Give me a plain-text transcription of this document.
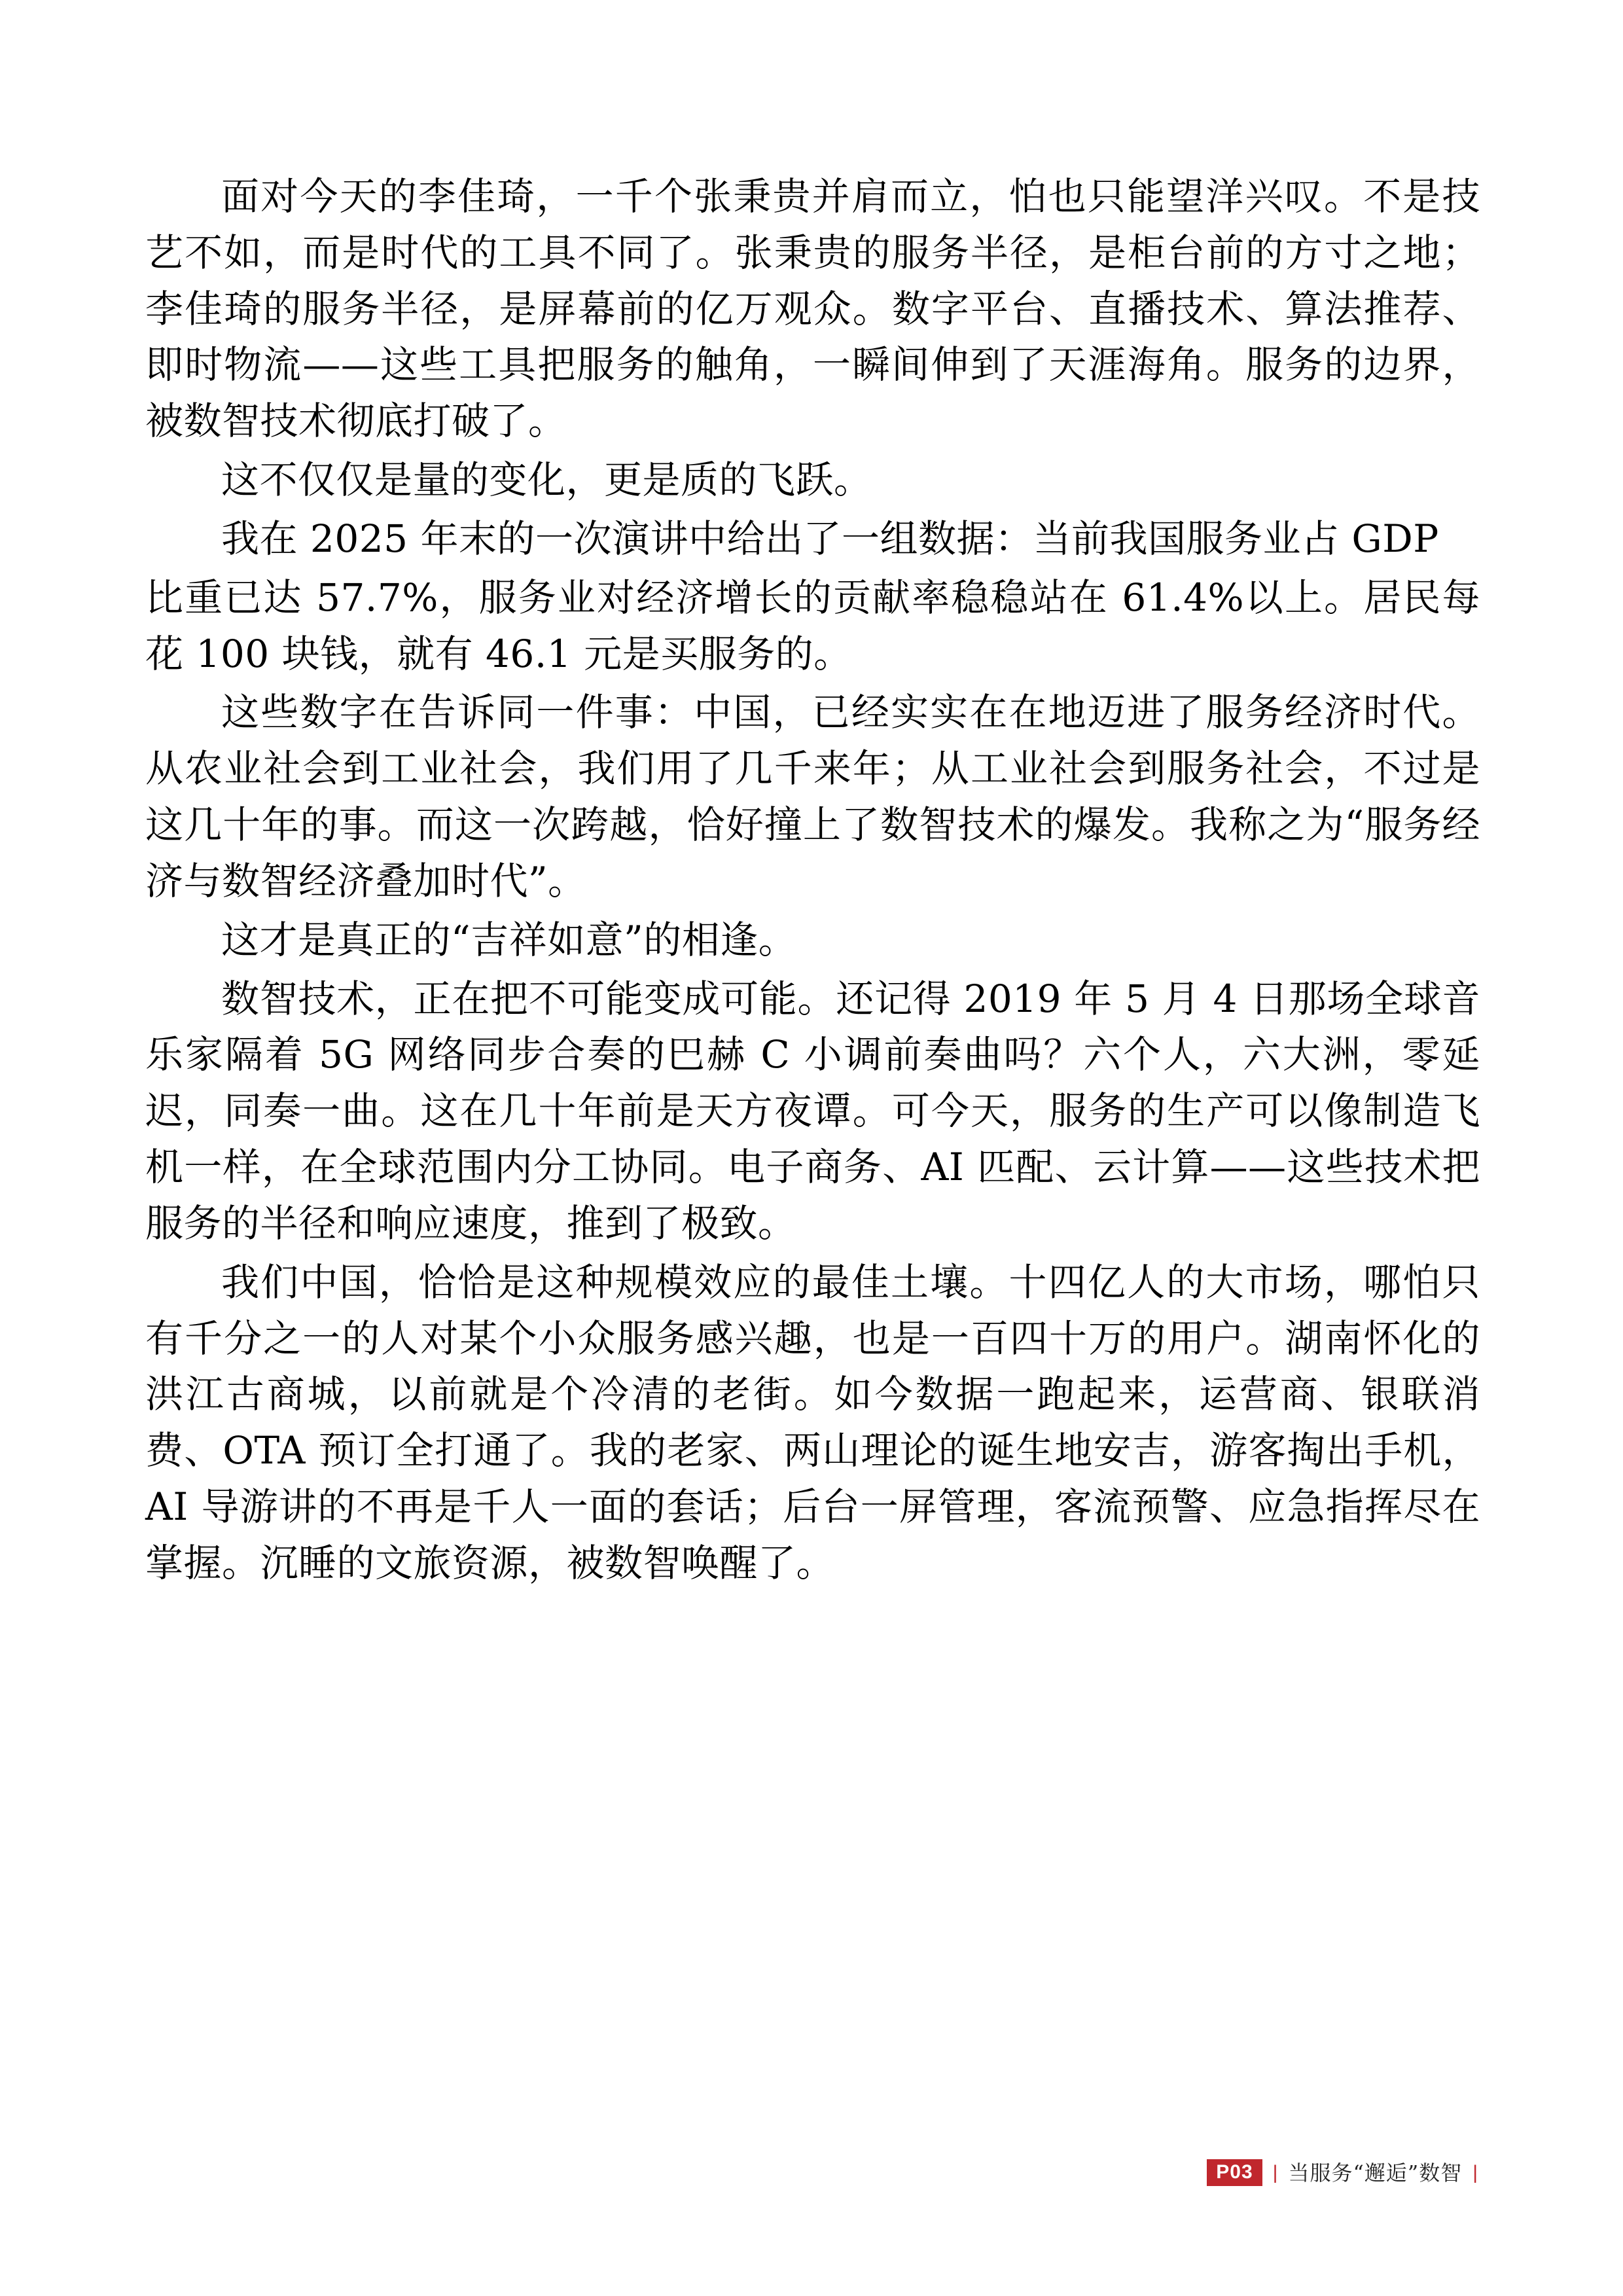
面对今天的李佳琦，一千个张秉贵并肩而立，怕也只能望洋兴叹。不是技艺不如，而是时代的工具不同了。张秉贵的服务半径，是柜台前的方寸之地；李佳琦的服务半径，是屏幕前的亿万观众。数字平台、直播技术、算法推荐、即时物流——这些工具把服务的触角，一瞬间伸到了天涯海角。服务的边界，被数智技术彻底打破了。

这不仅仅是量的变化，更是质的飞跃。

我在 2025 年末的一次演讲中给出了一组数据：当前我国服务业占 GDP

比重已达 57.7%，服务业对经济增长的贡献率稳稳站在 61.4%以上。居民每花 100 块钱，就有 46.1 元是买服务的。

这些数字在告诉同一件事：中国，已经实实在在地迈进了服务经济时代。从农业社会到工业社会，我们用了几千来年；从工业社会到服务社会，不过是这几十年的事。而这一次跨越，恰好撞上了数智技术的爆发。我称之为“服务经济与数智经济叠加时代”。

这才是真正的“吉祥如意”的相逢。

数智技术，正在把不可能变成可能。还记得 2019 年 5 月 4 日那场全球音乐家隔着 5G 网络同步合奏的巴赫 C 小调前奏曲吗？六个人，六大洲，零延迟，同奏一曲。这在几十年前是天方夜谭。可今天，服务的生产可以像制造飞机一样，在全球范围内分工协同。电子商务、AI 匹配、云计算——这些技术把服务的半径和响应速度，推到了极致。

我们中国，恰恰是这种规模效应的最佳土壤。十四亿人的大市场，哪怕只有千分之一的人对某个小众服务感兴趣，也是一百四十万的用户。湖南怀化的洪江古商城，以前就是个冷清的老街。如今数据一跑起来，运营商、银联消费、OTA 预订全打通了。我的老家、两山理论的诞生地安吉，游客掏出手机，AI 导游讲的不再是千人一面的套话；后台一屏管理，客流预警、应急指挥尽在掌握。沉睡的文旅资源，被数智唤醒了。

P03	| 当服务“邂逅”数智 |
